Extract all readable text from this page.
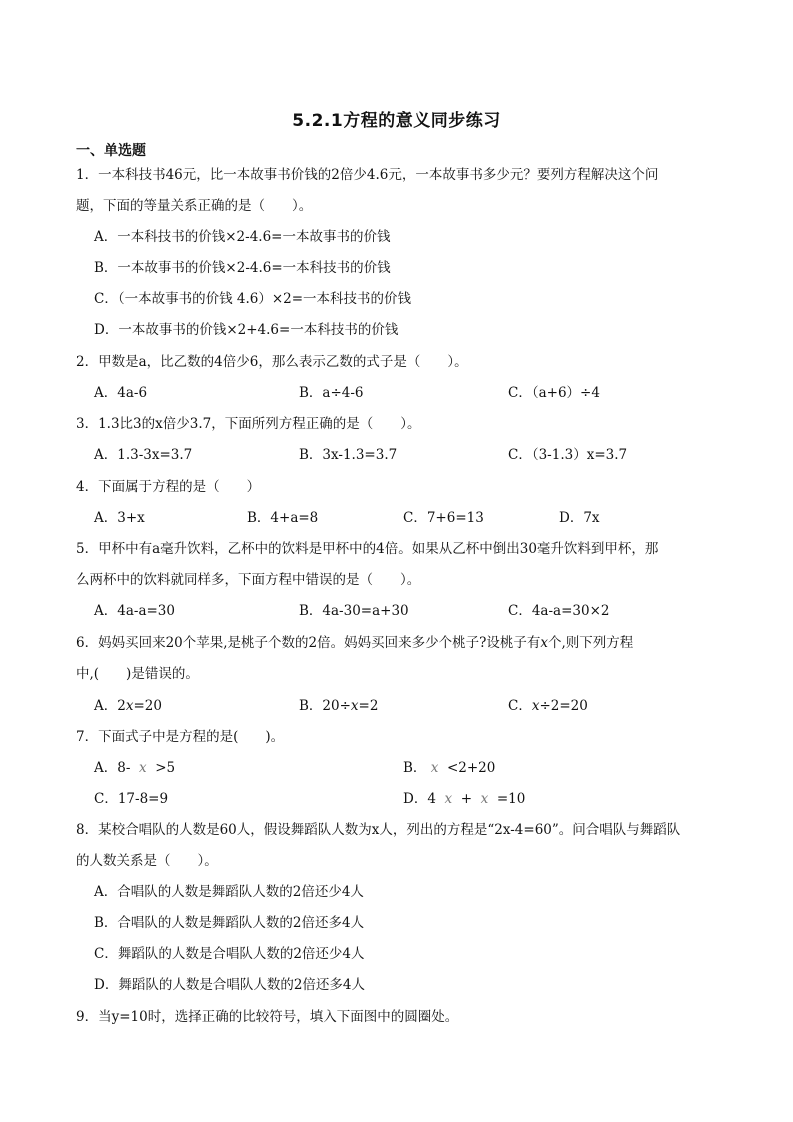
5.2.1方程的意义同步练习
一、单选题
1．一本科技书46元，比一本故事书价钱的2倍少4.6元，一本故事书多少元？要列方程解决这个问
题，下面的等量关系正确的是（　　）。
A．一本科技书的价钱×2-4.6=一本故事书的价钱
B．一本故事书的价钱×2-4.6=一本科技书的价钱
C．（一本故事书的价钱 4.6）×2=一本科技书的价钱
D．一本故事书的价钱×2+4.6=一本科技书的价钱
2．甲数是a，比乙数的4倍少6，那么表示乙数的式子是（　　）。
A．4a-6	B．a÷4-6	C．（a+6）÷4
3．1.3比3的x倍少3.7，下面所列方程正确的是（　　）。
A．1.3-3x=3.7	B．3x-1.3=3.7	C．（3-1.3）x=3.7
4．下面属于方程的是（　　）
A．3+x	B．4+a=8	C．7+6=13	D．7x
5．甲杯中有a毫升饮料，乙杯中的饮料是甲杯中的4倍。如果从乙杯中倒出30毫升饮料到甲杯，那
么两杯中的饮料就同样多，下面方程中错误的是（　　）。
A．4a-a=30	B．4a-30=a+30	C．4a-a=30×2
6．妈妈买回来20个苹果,是桃子个数的2倍。妈妈买回来多少个桃子?设桃子有x个,则下列方程
中,(　　)是错误的。
A．2x=20	B．20÷x=2	C．x÷2=20
7．下面式子中是方程的是(　　)。
A．8- x >5	B． x <2+20
C．17-8=9	D．4 x + x =10
8．某校合唱队的人数是60人，假设舞蹈队人数为x人，列出的方程是“2x-4=60”。问合唱队与舞蹈队
的人数关系是（　　）。
A．合唱队的人数是舞蹈队人数的2倍还少4人
B．合唱队的人数是舞蹈队人数的2倍还多4人
C．舞蹈队的人数是合唱队人数的2倍还少4人
D．舞蹈队的人数是合唱队人数的2倍还多4人
9．当y=10时，选择正确的比较符号，填入下面图中的圆圈处。
